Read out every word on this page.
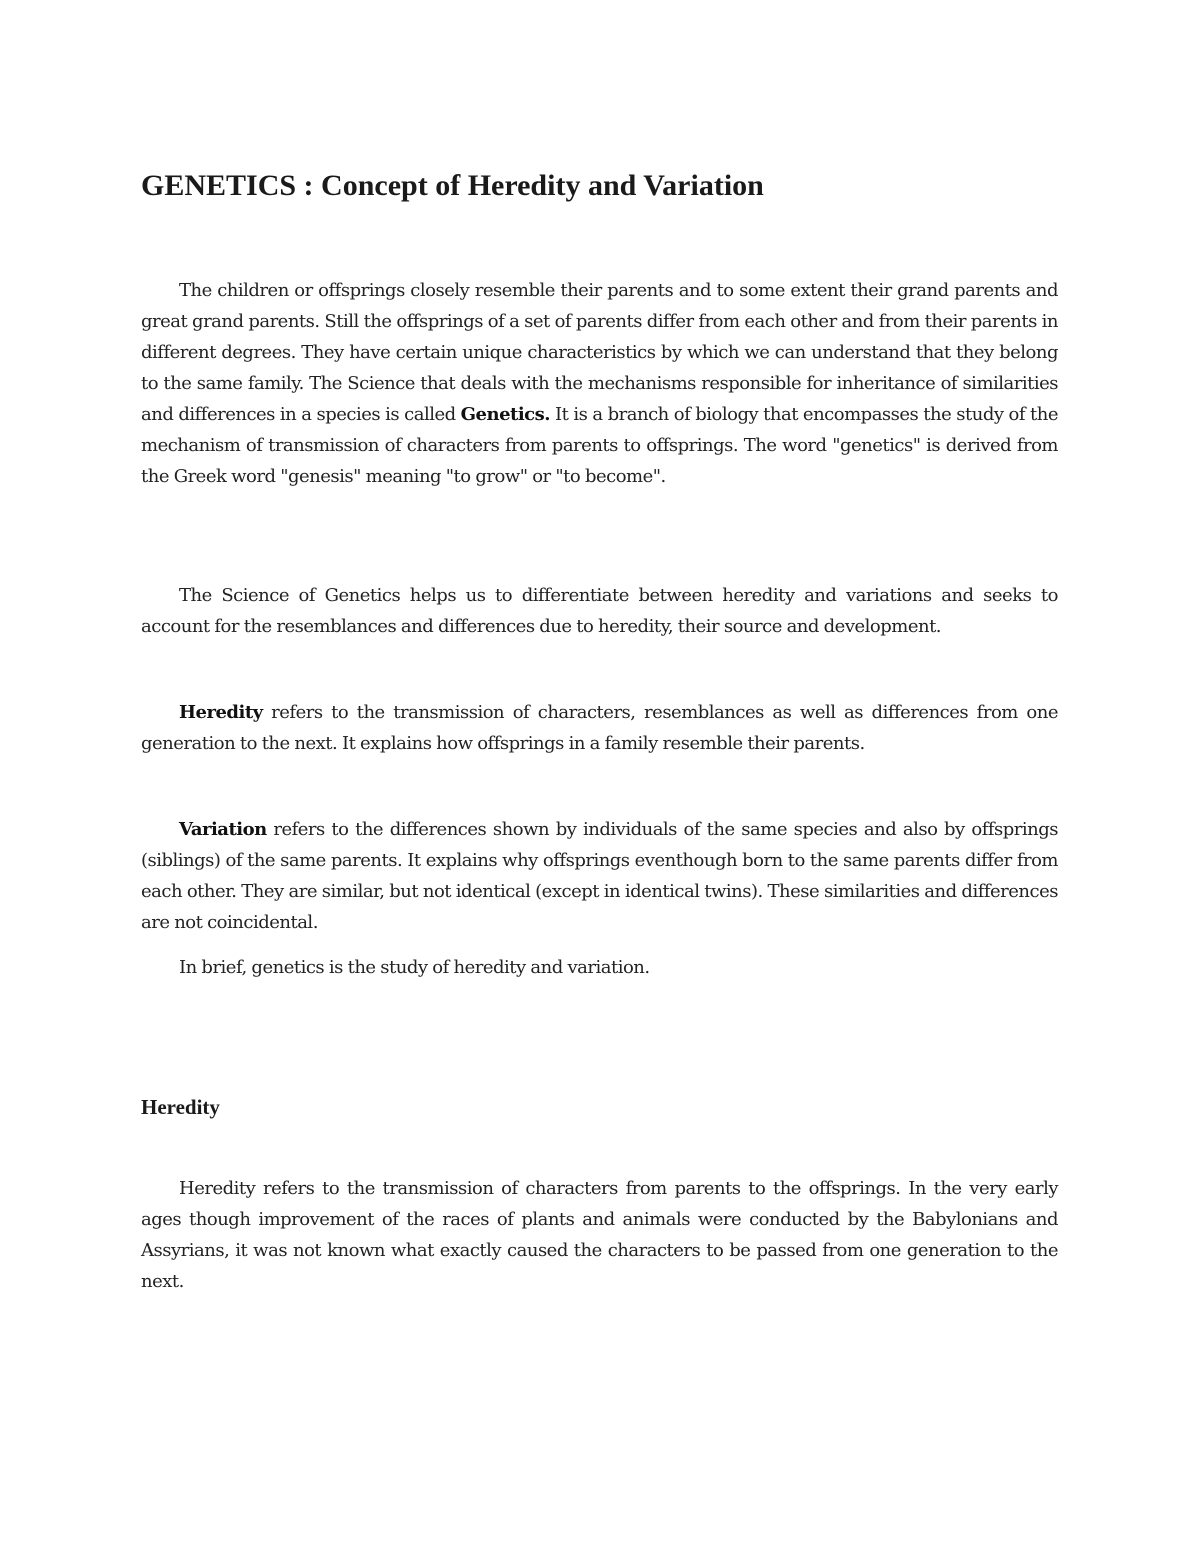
GENETICS : Concept of Heredity and Variation

The children or offsprings closely resemble their parents and to some extent their grand parents and great grand parents. Still the offsprings of a set of parents differ from each other and from their parents in different degrees. They have certain unique characteristics by which we can understand that they belong to the same family. The Science that deals with the mechanisms responsible for inheritance of similarities and differences in a species is called Genetics. It is a branch of biology that encompasses the study of the mechanism of transmission of characters from parents to offsprings. The word "genetics" is derived from the Greek word "genesis" meaning "to grow" or "to become".

The Science of Genetics helps us to differentiate between heredity and variations and seeks to account for the resemblances and differences due to heredity, their source and development.

Heredity refers to the transmission of characters, resemblances as well as differences from one generation to the next. It explains how offsprings in a family resemble their parents.

Variation refers to the differences shown by individuals of the same species and also by offsprings (siblings) of the same parents. It explains why offsprings eventhough born to the same parents differ from each other. They are similar, but not identical (except in identical twins). These similarities and differences are not coincidental.

In brief, genetics is the study of heredity and variation.

Heredity

Heredity refers to the transmission of characters from parents to the offsprings. In the very early ages though improvement of the races of plants and animals were conducted by the Babylonians and Assyrians, it was not known what exactly caused the characters to be passed from one generation to the next.
